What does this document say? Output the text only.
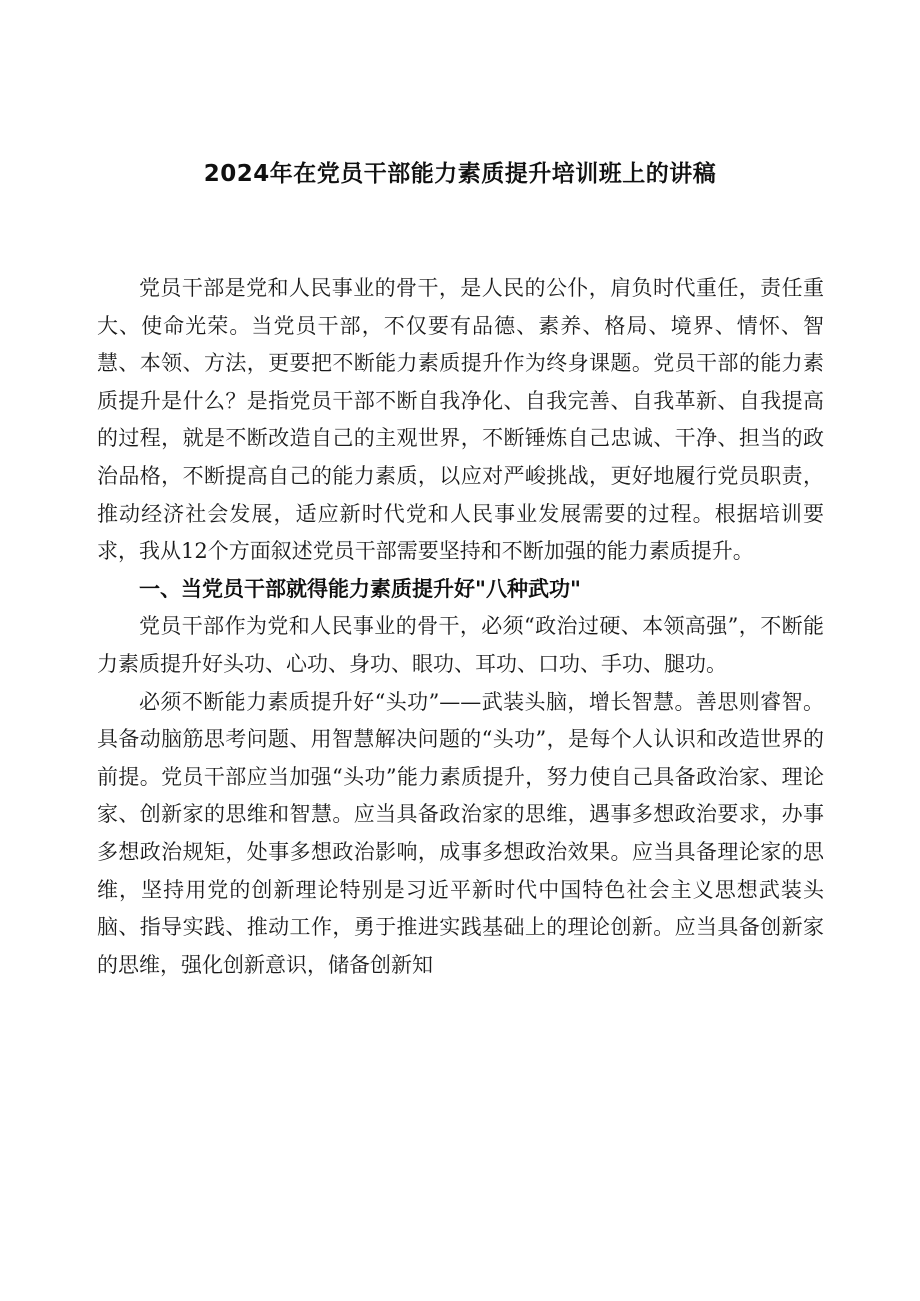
2024年在党员干部能力素质提升培训班上的讲稿

党员干部是党和人民事业的骨干，是人民的公仆，肩负时代重任，责任重大、使命光荣。当党员干部，不仅要有品德、素养、格局、境界、情怀、智慧、本领、方法，更要把不断能力素质提升作为终身课题。党员干部的能力素质提升是什么？是指党员干部不断自我净化、自我完善、自我革新、自我提高的过程，就是不断改造自己的主观世界，不断锤炼自己忠诚、干净、担当的政治品格，不断提高自己的能力素质，以应对严峻挑战，更好地履行党员职责，推动经济社会发展，适应新时代党和人民事业发展需要的过程。根据培训要求，我从12个方面叙述党员干部需要坚持和不断加强的能力素质提升。

一、当党员干部就得能力素质提升好"八种武功"

党员干部作为党和人民事业的骨干，必须“政治过硬、本领高强”，不断能力素质提升好头功、心功、身功、眼功、耳功、口功、手功、腿功。

必须不断能力素质提升好“头功”——武装头脑，增长智慧。善思则睿智。具备动脑筋思考问题、用智慧解决问题的“头功”，是每个人认识和改造世界的前提。党员干部应当加强“头功”能力素质提升，努力使自己具备政治家、理论家、创新家的思维和智慧。应当具备政治家的思维，遇事多想政治要求，办事多想政治规矩，处事多想政治影响，成事多想政治效果。应当具备理论家的思维，坚持用党的创新理论特别是习近平新时代中国特色社会主义思想武装头脑、指导实践、推动工作，勇于推进实践基础上的理论创新。应当具备创新家的思维，强化创新意识，储备创新知
